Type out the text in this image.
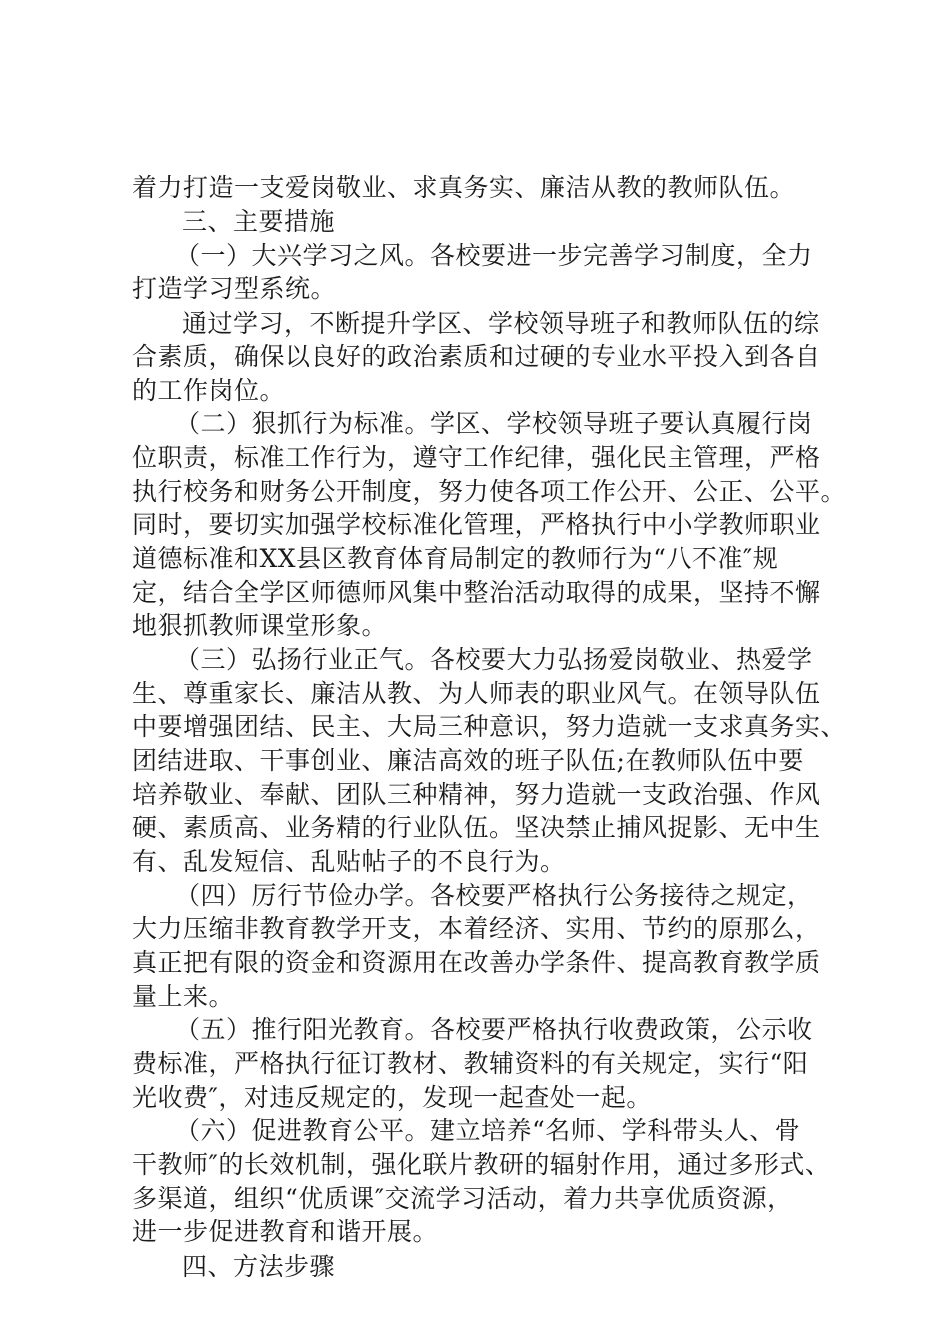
着力打造一支爱岗敬业、求真务实、廉洁从教的教师队伍。
三、主要措施
（一）大兴学习之风。各校要进一步完善学习制度，全力
打造学习型系统。
通过学习，不断提升学区、学校领导班子和教师队伍的综
合素质，确保以良好的政治素质和过硬的专业水平投入到各自
的工作岗位。
（二）狠抓行为标准。学区、学校领导班子要认真履行岗
位职责，标准工作行为，遵守工作纪律，强化民主管理，严格
执行校务和财务公开制度，努力使各项工作公开、公正、公平。
同时，要切实加强学校标准化管理，严格执行中小学教师职业
道德标准和XX县区教育体育局制定的教师行为“八不准″规
定，结合全学区师德师风集中整治活动取得的成果，坚持不懈
地狠抓教师课堂形象。
（三）弘扬行业正气。各校要大力弘扬爱岗敬业、热爱学
生、尊重家长、廉洁从教、为人师表的职业风气。在领导队伍
中要增强团结、民主、大局三种意识，努力造就一支求真务实、
团结进取、干事创业、廉洁高效的班子队伍;在教师队伍中要
培养敬业、奉献、团队三种精神，努力造就一支政治强、作风
硬、素质高、业务精的行业队伍。坚决禁止捕风捉影、无中生
有、乱发短信、乱贴帖子的不良行为。
（四）厉行节俭办学。各校要严格执行公务接待之规定，
大力压缩非教育教学开支，本着经济、实用、节约的原那么，
真正把有限的资金和资源用在改善办学条件、提高教育教学质
量上来。
（五）推行阳光教育。各校要严格执行收费政策，公示收
费标准，严格执行征订教材、教辅资料的有关规定，实行“阳
光收费″，对违反规定的，发现一起查处一起。
（六）促进教育公平。建立培养“名师、学科带头人、骨
干教师″的长效机制，强化联片教研的辐射作用，通过多形式、
多渠道，组织“优质课″交流学习活动，着力共享优质资源，
进一步促进教育和谐开展。
四、方法步骤
